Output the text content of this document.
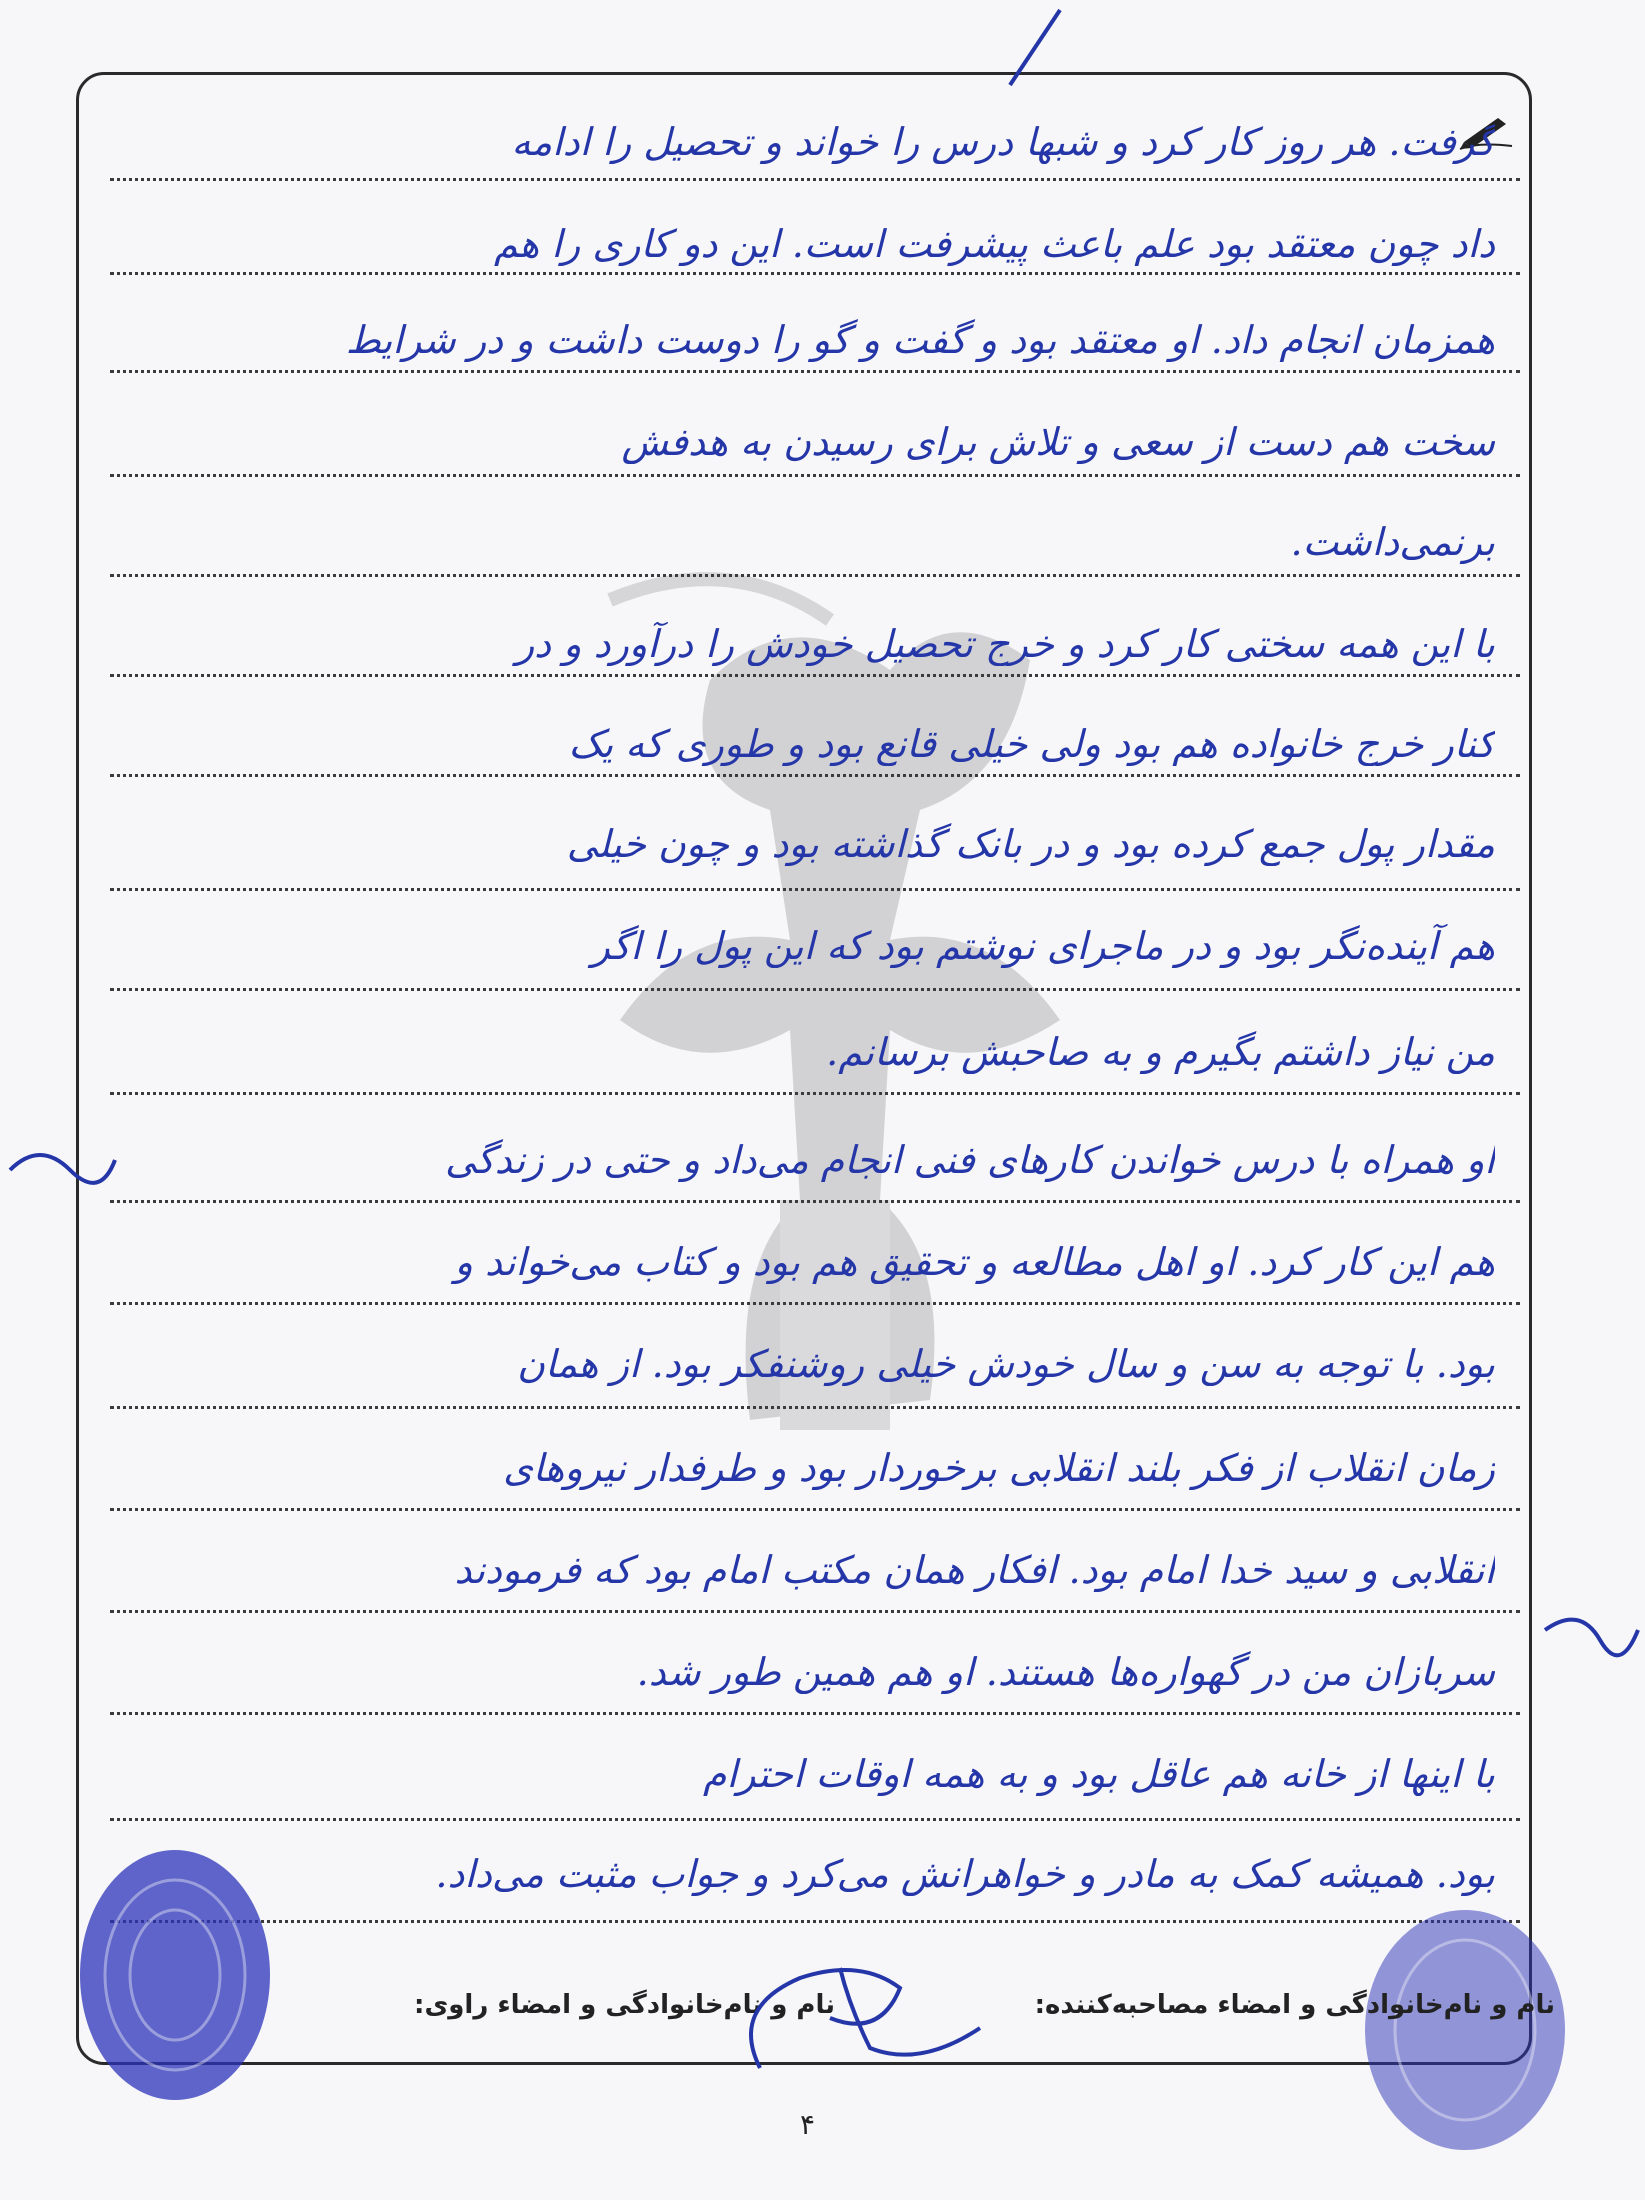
گرفت. هر روز کار کرد و شبها درس را خواند و تحصیل را ادامه
داد چون معتقد بود علم باعث پیشرفت است. این دو کاری را هم
همزمان انجام داد. او معتقد بود و گفت و گو را دوست داشت و در شرایط
سخت هم دست از سعی و تلاش برای رسیدن به هدفش
برنمی‌داشت.
با این همه سختی کار کرد و خرج تحصیل خودش را درآورد و در
کنار خرج خانواده هم بود ولی خیلی قانع بود و طوری که یک
مقدار پول جمع کرده بود و در بانک گذاشته بود و چون خیلی
هم آینده‌نگر بود و در ماجرای نوشتم بود که این پول را اگر
من نیاز داشتم بگیرم و به صاحبش برسانم.
او همراه با درس خواندن کارهای فنی انجام می‌داد و حتی در زندگی
هم این کار کرد. او اهل مطالعه و تحقیق هم بود و کتاب می‌خواند و
بود. با توجه به سن و سال خودش خیلی روشنفکر بود. از همان
زمان انقلاب از فکر بلند انقلابی برخوردار بود و طرفدار نیروهای
انقلابی و سید خدا امام بود. افکار همان مکتب امام بود که فرمودند
سربازان من در گهواره‌ها هستند. او هم همین طور شد.
با اینها از خانه هم عاقل بود و به همه اوقات احترام
بود. همیشه کمک به مادر و خواهرانش می‌کرد و جواب مثبت می‌داد.
نام و نام‌خانوادگی و امضاء مصاحبه‌کننده:
نام و نام‌خانوادگی و امضاء راوی:
۴
